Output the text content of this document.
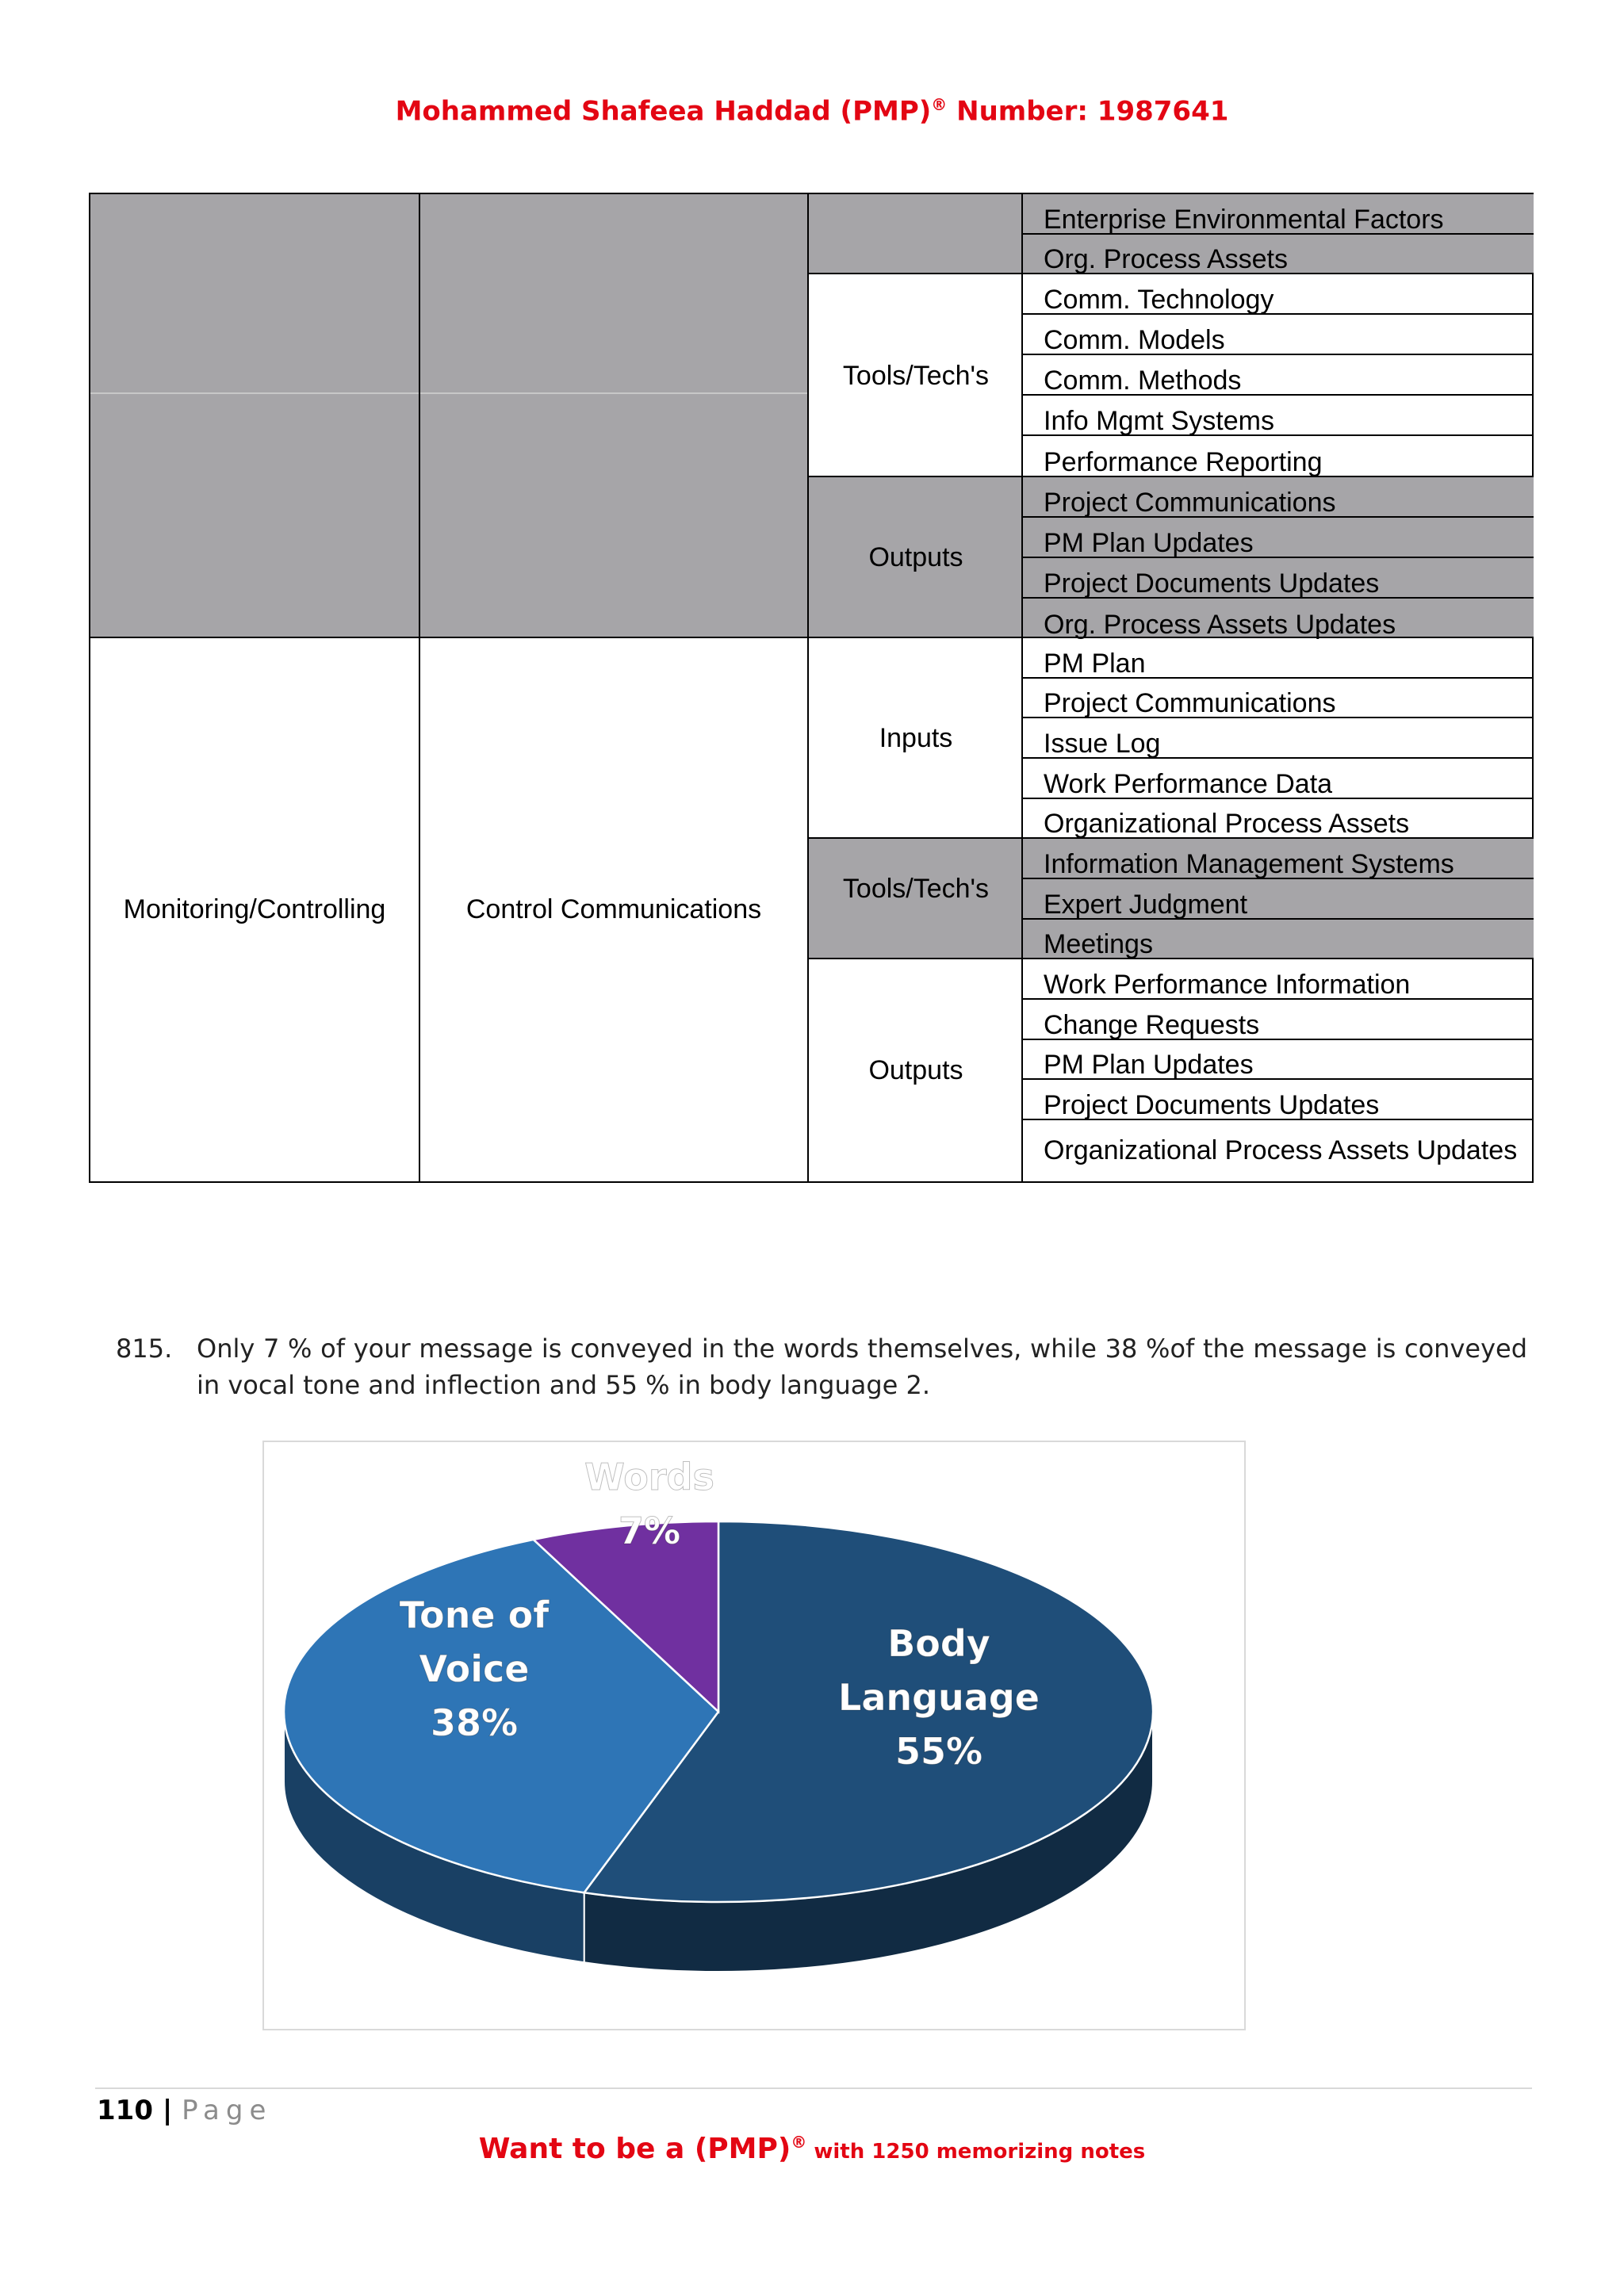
Mohammed Shafeea Haddad (PMP)® Number: 1987641
Tools/Tech's
Outputs
Monitoring/Controlling	Control Communications
Inputs
Tools/Tech's
Outputs
Enterprise Environmental Factors
Org. Process Assets
Comm. Technology
Comm. Models
Comm. Methods
Info Mgmt Systems
Performance Reporting
Project Communications
PM Plan Updates
Project Documents Updates
Org. Process Assets Updates
PM Plan
Project Communications
Issue Log
Work Performance Data
Organizational Process Assets
Information Management Systems
Expert Judgment
Meetings
Work Performance Information
Change Requests
PM Plan Updates
Project Documents Updates
Organizational Process Assets Updates
815. Only 7 % of your message is conveyed in the words themselves, while 38 %of the message is conveyed in vocal tone and inflection and 55 % in body language 2.
Body
Language
55%
Tone of
Voice
38%
Words
7%
110 | Page
Want to be a (PMP)® with 1250 memorizing notes
